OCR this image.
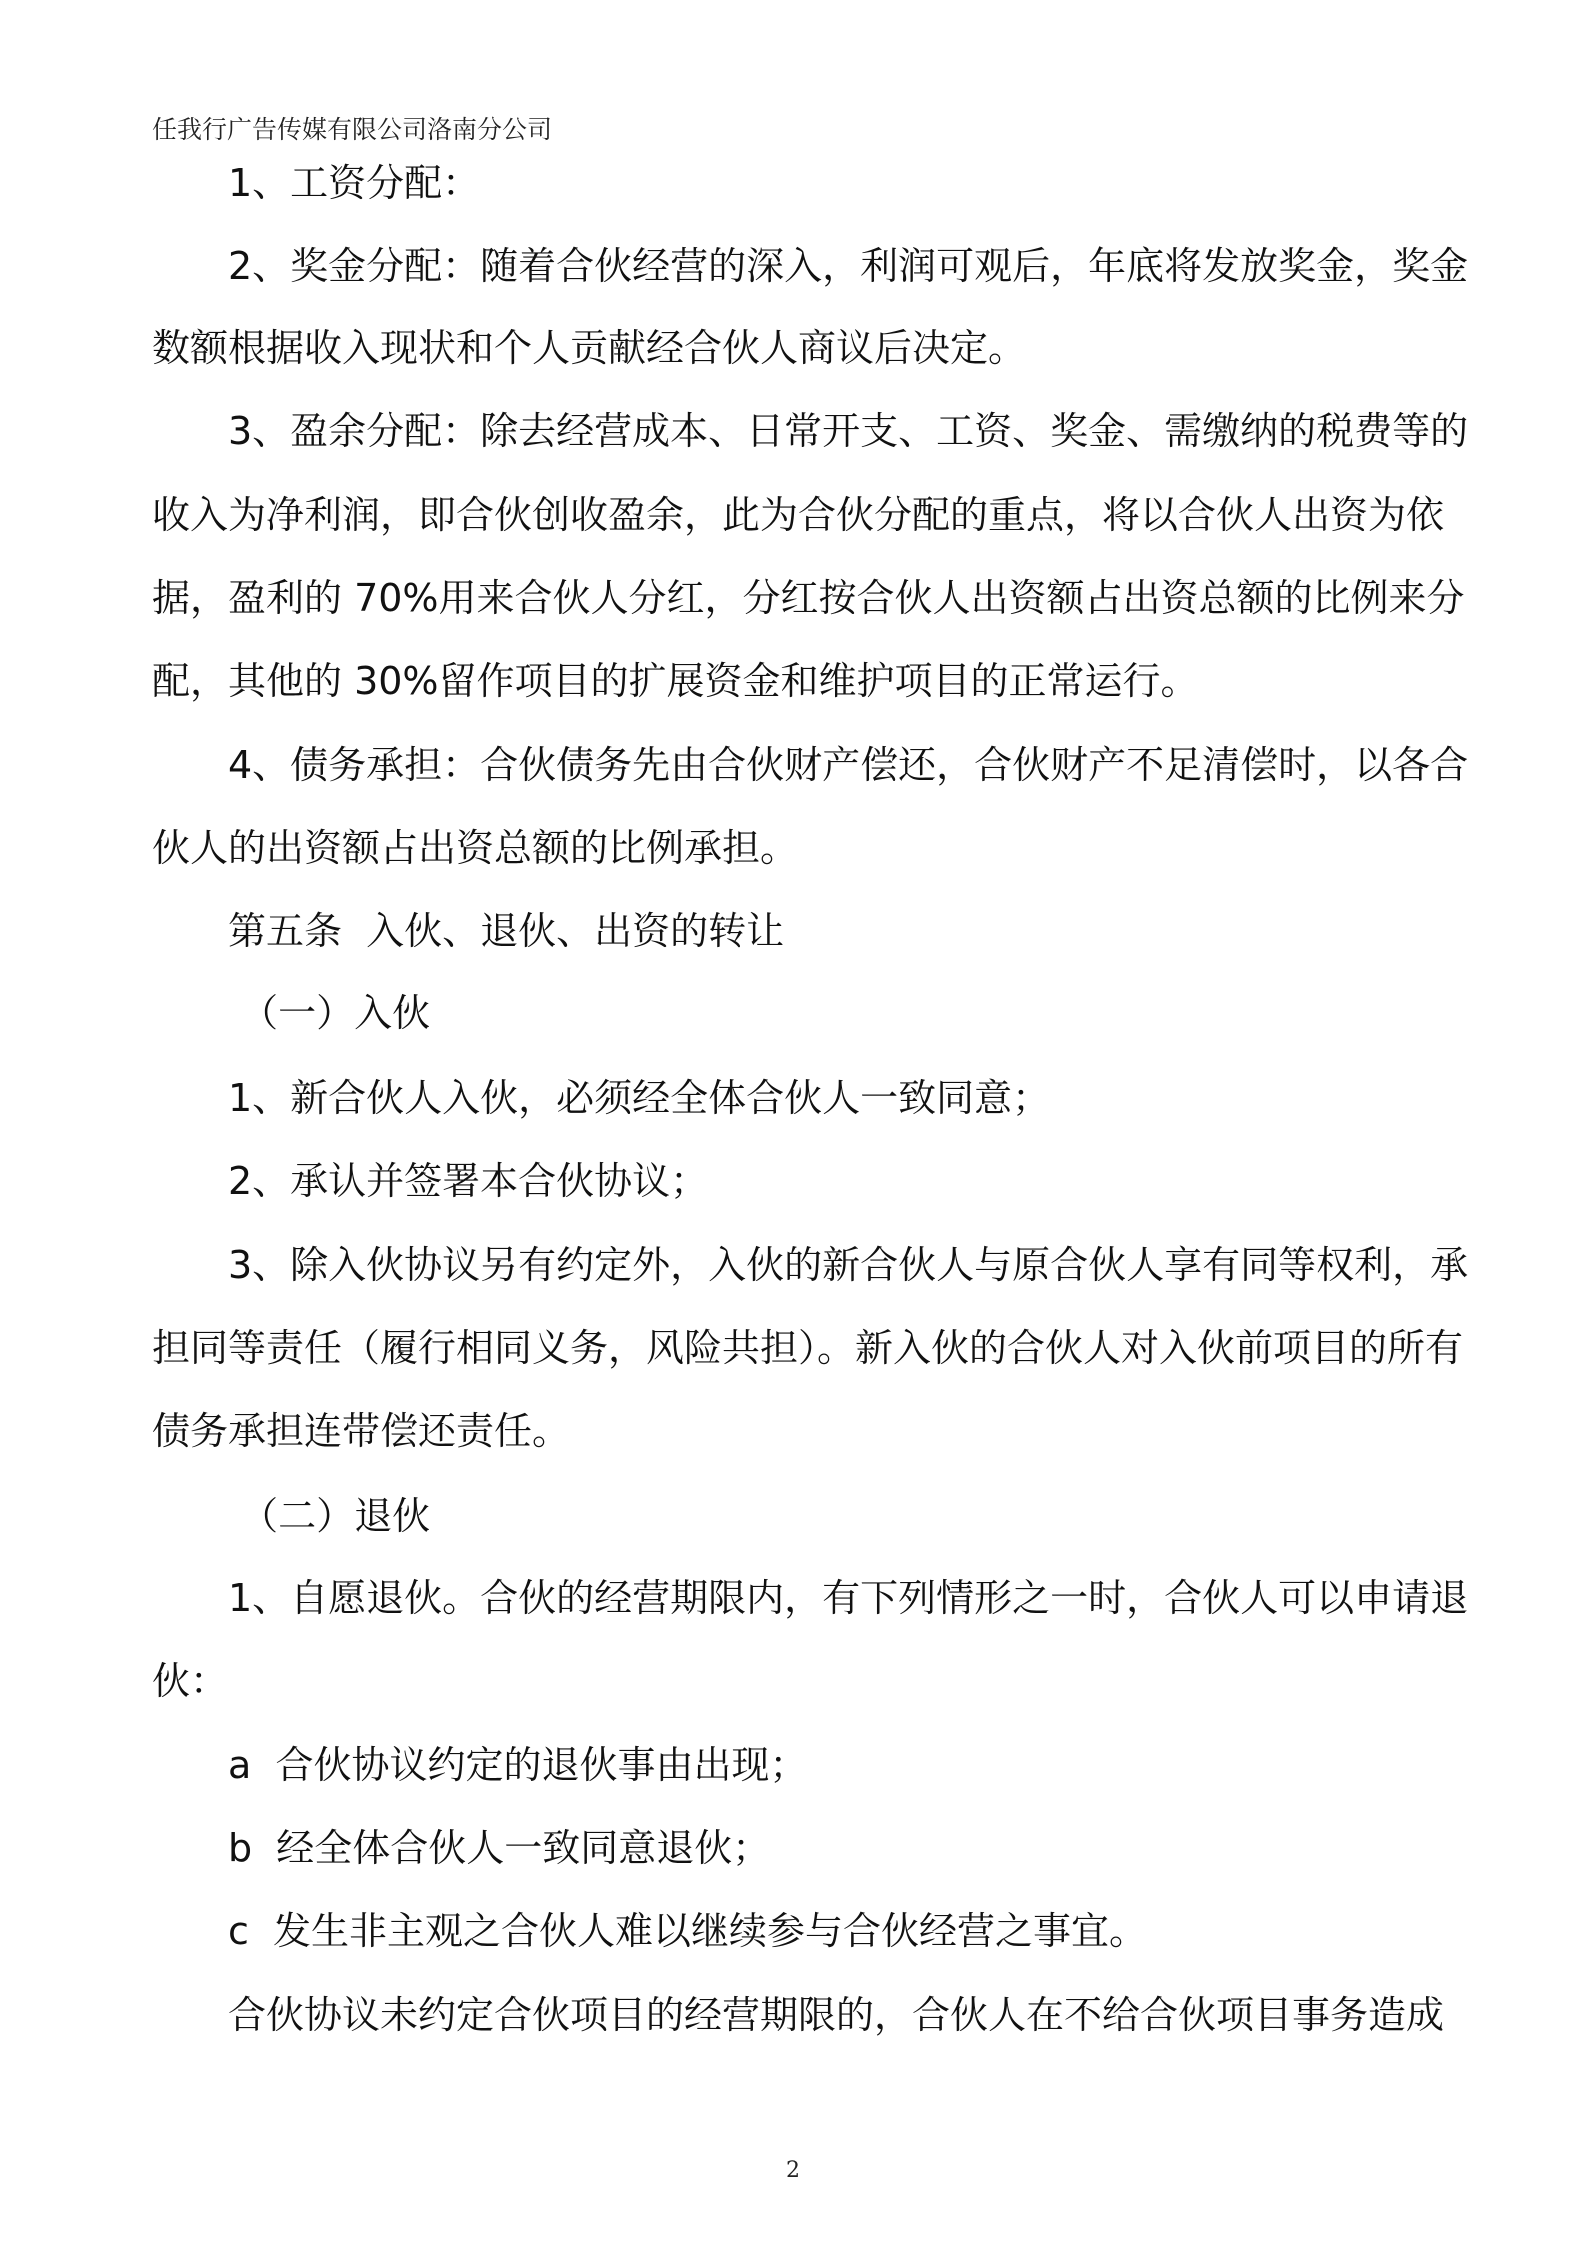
任我行广告传媒有限公司洛南分公司
1、工资分配：
2、奖金分配：随着合伙经营的深入，利润可观后，年底将发放奖金，奖金
数额根据收入现状和个人贡献经合伙人商议后决定。
3、盈余分配：除去经营成本、日常开支、工资、奖金、需缴纳的税费等的
收入为净利润，即合伙创收盈余，此为合伙分配的重点，将以合伙人出资为依
据，盈利的 70%用来合伙人分红，分红按合伙人出资额占出资总额的比例来分
配，其他的 30%留作项目的扩展资金和维护项目的正常运行。
4、债务承担：合伙债务先由合伙财产偿还，合伙财产不足清偿时，以各合
伙人的出资额占出资总额的比例承担。
第五条  入伙、退伙、出资的转让
（一）入伙
1、新合伙人入伙，必须经全体合伙人一致同意；
2、承认并签署本合伙协议；
3、除入伙协议另有约定外，入伙的新合伙人与原合伙人享有同等权利，承
担同等责任（履行相同义务，风险共担）。新入伙的合伙人对入伙前项目的所有
债务承担连带偿还责任。
（二）退伙
1、自愿退伙。合伙的经营期限内，有下列情形之一时，合伙人可以申请退
伙：
a  合伙协议约定的退伙事由出现；
b  经全体合伙人一致同意退伙；
c  发生非主观之合伙人难以继续参与合伙经营之事宜。
合伙协议未约定合伙项目的经营期限的，合伙人在不给合伙项目事务造成
2
